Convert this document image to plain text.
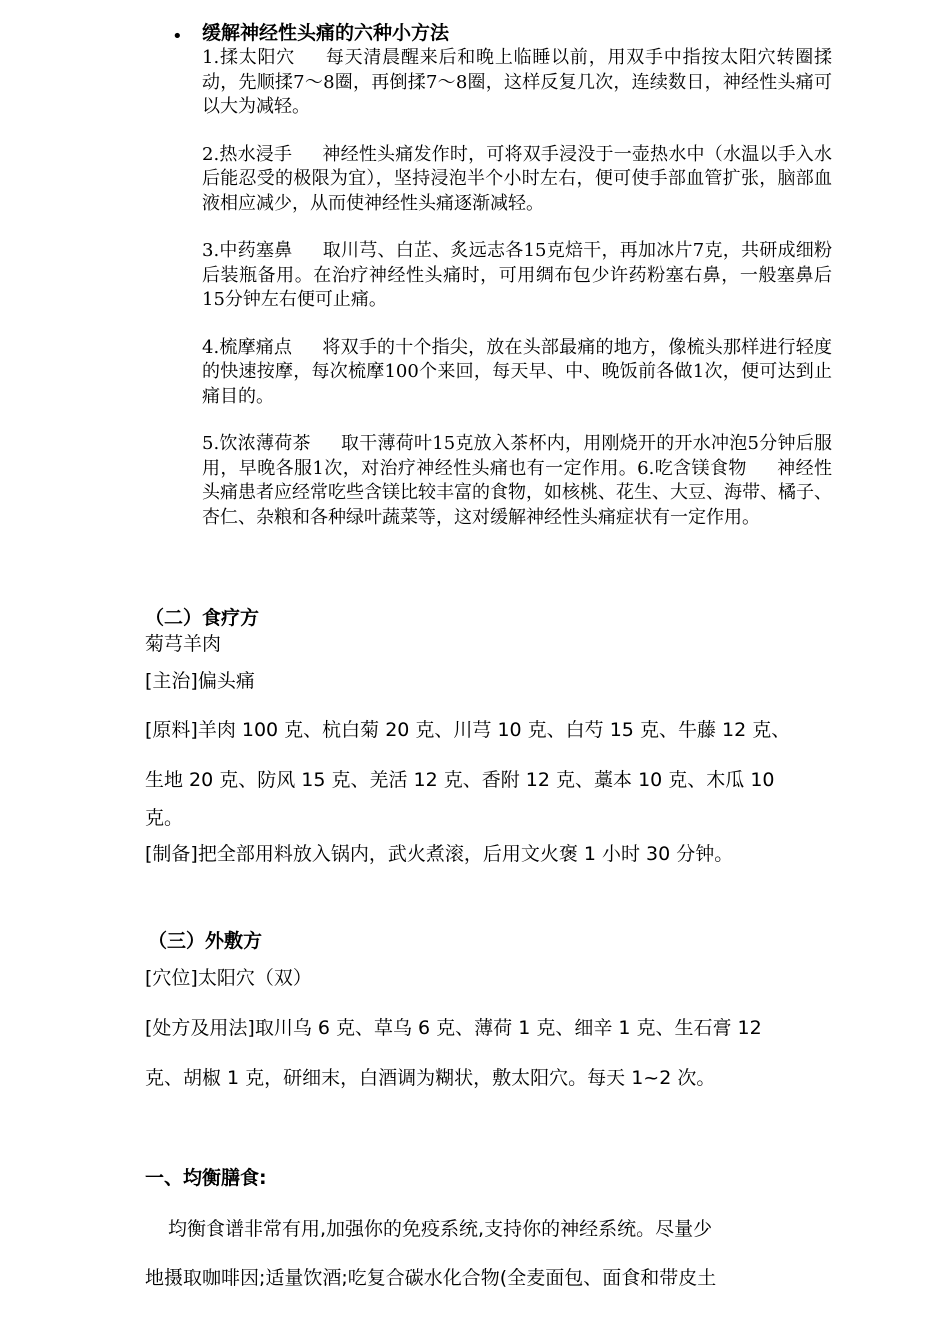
• 缓解神经性头痛的六种小方法
1.揉太阳穴 每天清晨醒来后和晚上临睡以前，用双手中指按太阳穴转圈揉动，先顺揉7～8圈，再倒揉7～8圈，这样反复几次，连续数日，神经性头痛可以大为减轻。
2.热水浸手 神经性头痛发作时，可将双手浸没于一壶热水中（水温以手入水后能忍受的极限为宜），坚持浸泡半个小时左右，便可使手部血管扩张，脑部血液相应减少，从而使神经性头痛逐渐减轻。
3.中药塞鼻 取川芎、白芷、炙远志各15克焙干，再加冰片7克，共研成细粉后装瓶备用。在治疗神经性头痛时，可用绸布包少许药粉塞右鼻，一般塞鼻后15分钟左右便可止痛。
4.梳摩痛点 将双手的十个指尖，放在头部最痛的地方，像梳头那样进行轻度的快速按摩，每次梳摩100个来回，每天早、中、晚饭前各做1次，便可达到止痛目的。
5.饮浓薄荷茶 取干薄荷叶15克放入茶杯内，用刚烧开的开水冲泡5分钟后服用，早晚各服1次，对治疗神经性头痛也有一定作用。6.吃含镁食物 神经性头痛患者应经常吃些含镁比较丰富的食物，如核桃、花生、大豆、海带、橘子、杏仁、杂粮和各种绿叶蔬菜等，这对缓解神经性头痛症状有一定作用。
（二）食疗方
菊芎羊肉
[主治]偏头痛
[原料]羊肉 100 克、杭白菊 20 克、川芎 10 克、白芍 15 克、牛藤 12 克、
生地 20 克、防风 15 克、羌活 12 克、香附 12 克、藁本 10 克、木瓜 10
克。
[制备]把全部用料放入锅内，武火煮滚，后用文火褒 1 小时 30 分钟。
（三）外敷方
[穴位]太阳穴（双）
[处方及用法]取川乌 6 克、草乌 6 克、薄荷 1 克、细辛 1 克、生石膏 12
克、胡椒 1 克，研细末，白酒调为糊状，敷太阳穴。每天 1~2 次。
一、均衡膳食:
均衡食谱非常有用,加强你的免疫系统,支持你的神经系统。尽量少
地摄取咖啡因;适量饮酒;吃复合碳水化合物(全麦面包、面食和带皮土
